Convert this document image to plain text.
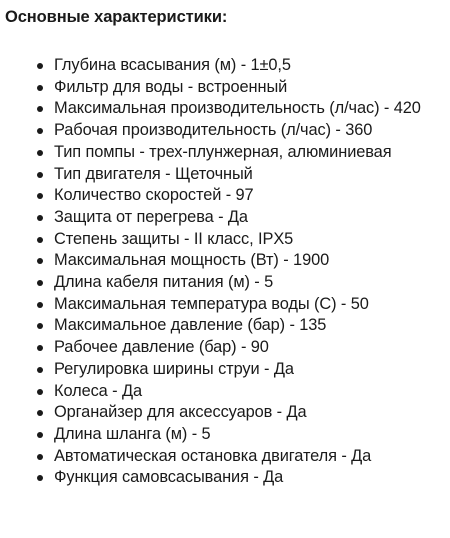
Основные характеристики:
Глубина всасывания (м) - 1±0,5
Фильтр для воды - встроенный
Максимальная производительность (л/час) - 420
Рабочая производительность (л/час) - 360
Тип помпы - трех-плунжерная, алюминиевая
Тип двигателя - Щеточный
Количество скоростей - 97
Защита от перегрева - Да
Степень защиты - II класс, IPX5
Максимальная мощность (Вт) - 1900
Длина кабеля питания (м) - 5
Максимальная температура воды (С) - 50
Максимальное давление (бар) - 135
Рабочее давление (бар) - 90
Регулировка ширины струи - Да
Колеса - Да
Органайзер для аксессуаров - Да
Длина шланга (м) - 5
Автоматическая остановка двигателя - Да
Функция самовсасывания - Да
